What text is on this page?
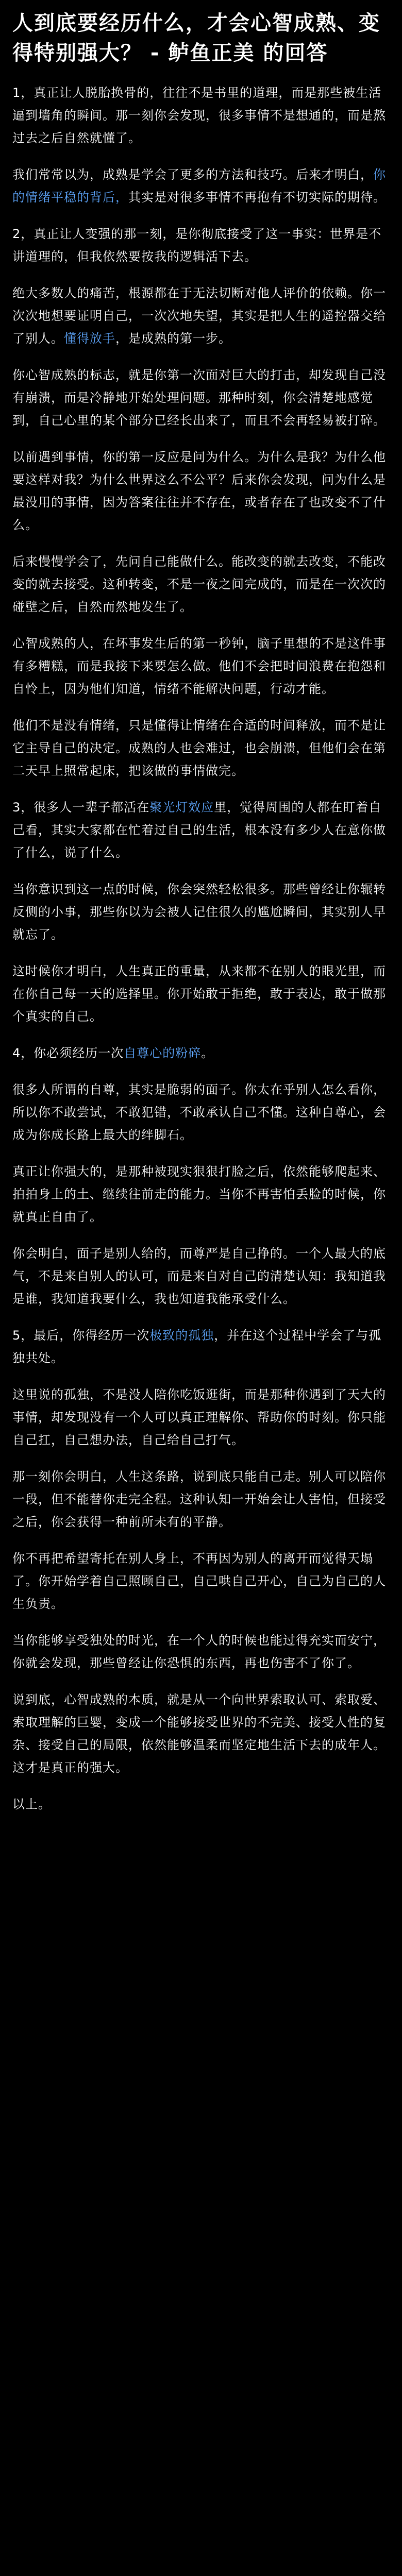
人到底要经历什么，才会心智成熟、变得特别强大？ - 鲈鱼正美 的回答

1，真正让人脱胎换骨的，往往不是书里的道理，而是那些被生活逼到墙角的瞬间。那一刻你会发现，很多事情不是想通的，而是熬过去之后自然就懂了。

我们常常以为，成熟是学会了更多的方法和技巧。后来才明白，你的情绪平稳的背后，其实是对很多事情不再抱有不切实际的期待。

2，真正让人变强的那一刻，是你彻底接受了这一事实：世界是不讲道理的，但我依然要按我的逻辑活下去。

绝大多数人的痛苦，根源都在于无法切断对他人评价的依赖。你一次次地想要证明自己，一次次地失望，其实是把人生的遥控器交给了别人。懂得放手，是成熟的第一步。

你心智成熟的标志，就是你第一次面对巨大的打击，却发现自己没有崩溃，而是冷静地开始处理问题。那种时刻，你会清楚地感觉到，自己心里的某个部分已经长出来了，而且不会再轻易被打碎。

以前遇到事情，你的第一反应是问为什么。为什么是我？为什么他要这样对我？为什么世界这么不公平？后来你会发现，问为什么是最没用的事情，因为答案往往并不存在，或者存在了也改变不了什么。

后来慢慢学会了，先问自己能做什么。能改变的就去改变，不能改变的就去接受。这种转变，不是一夜之间完成的，而是在一次次的碰壁之后，自然而然地发生了。

心智成熟的人，在坏事发生后的第一秒钟，脑子里想的不是这件事有多糟糕，而是我接下来要怎么做。他们不会把时间浪费在抱怨和自怜上，因为他们知道，情绪不能解决问题，行动才能。

他们不是没有情绪，只是懂得让情绪在合适的时间释放，而不是让它主导自己的决定。成熟的人也会难过，也会崩溃，但他们会在第二天早上照常起床，把该做的事情做完。

3，很多人一辈子都活在聚光灯效应里，觉得周围的人都在盯着自己看，其实大家都在忙着过自己的生活，根本没有多少人在意你做了什么，说了什么。

当你意识到这一点的时候，你会突然轻松很多。那些曾经让你辗转反侧的小事，那些你以为会被人记住很久的尴尬瞬间，其实别人早就忘了。

这时候你才明白，人生真正的重量，从来都不在别人的眼光里，而在你自己每一天的选择里。你开始敢于拒绝，敢于表达，敢于做那个真实的自己。

4，你必须经历一次自尊心的粉碎。

很多人所谓的自尊，其实是脆弱的面子。你太在乎别人怎么看你，所以你不敢尝试，不敢犯错，不敢承认自己不懂。这种自尊心，会成为你成长路上最大的绊脚石。

真正让你强大的，是那种被现实狠狠打脸之后，依然能够爬起来、拍拍身上的土、继续往前走的能力。当你不再害怕丢脸的时候，你就真正自由了。

你会明白，面子是别人给的，而尊严是自己挣的。一个人最大的底气，不是来自别人的认可，而是来自对自己的清楚认知：我知道我是谁，我知道我要什么，我也知道我能承受什么。

5，最后，你得经历一次极致的孤独，并在这个过程中学会了与孤独共处。

这里说的孤独，不是没人陪你吃饭逛街，而是那种你遇到了天大的事情，却发现没有一个人可以真正理解你、帮助你的时刻。你只能自己扛，自己想办法，自己给自己打气。

那一刻你会明白，人生这条路，说到底只能自己走。别人可以陪你一段，但不能替你走完全程。这种认知一开始会让人害怕，但接受之后，你会获得一种前所未有的平静。

你不再把希望寄托在别人身上，不再因为别人的离开而觉得天塌了。你开始学着自己照顾自己，自己哄自己开心，自己为自己的人生负责。

当你能够享受独处的时光，在一个人的时候也能过得充实而安宁，你就会发现，那些曾经让你恐惧的东西，再也伤害不了你了。

说到底，心智成熟的本质，就是从一个向世界索取认可、索取爱、索取理解的巨婴，变成一个能够接受世界的不完美、接受人性的复杂、接受自己的局限，依然能够温柔而坚定地生活下去的成年人。这才是真正的强大。

以上。
